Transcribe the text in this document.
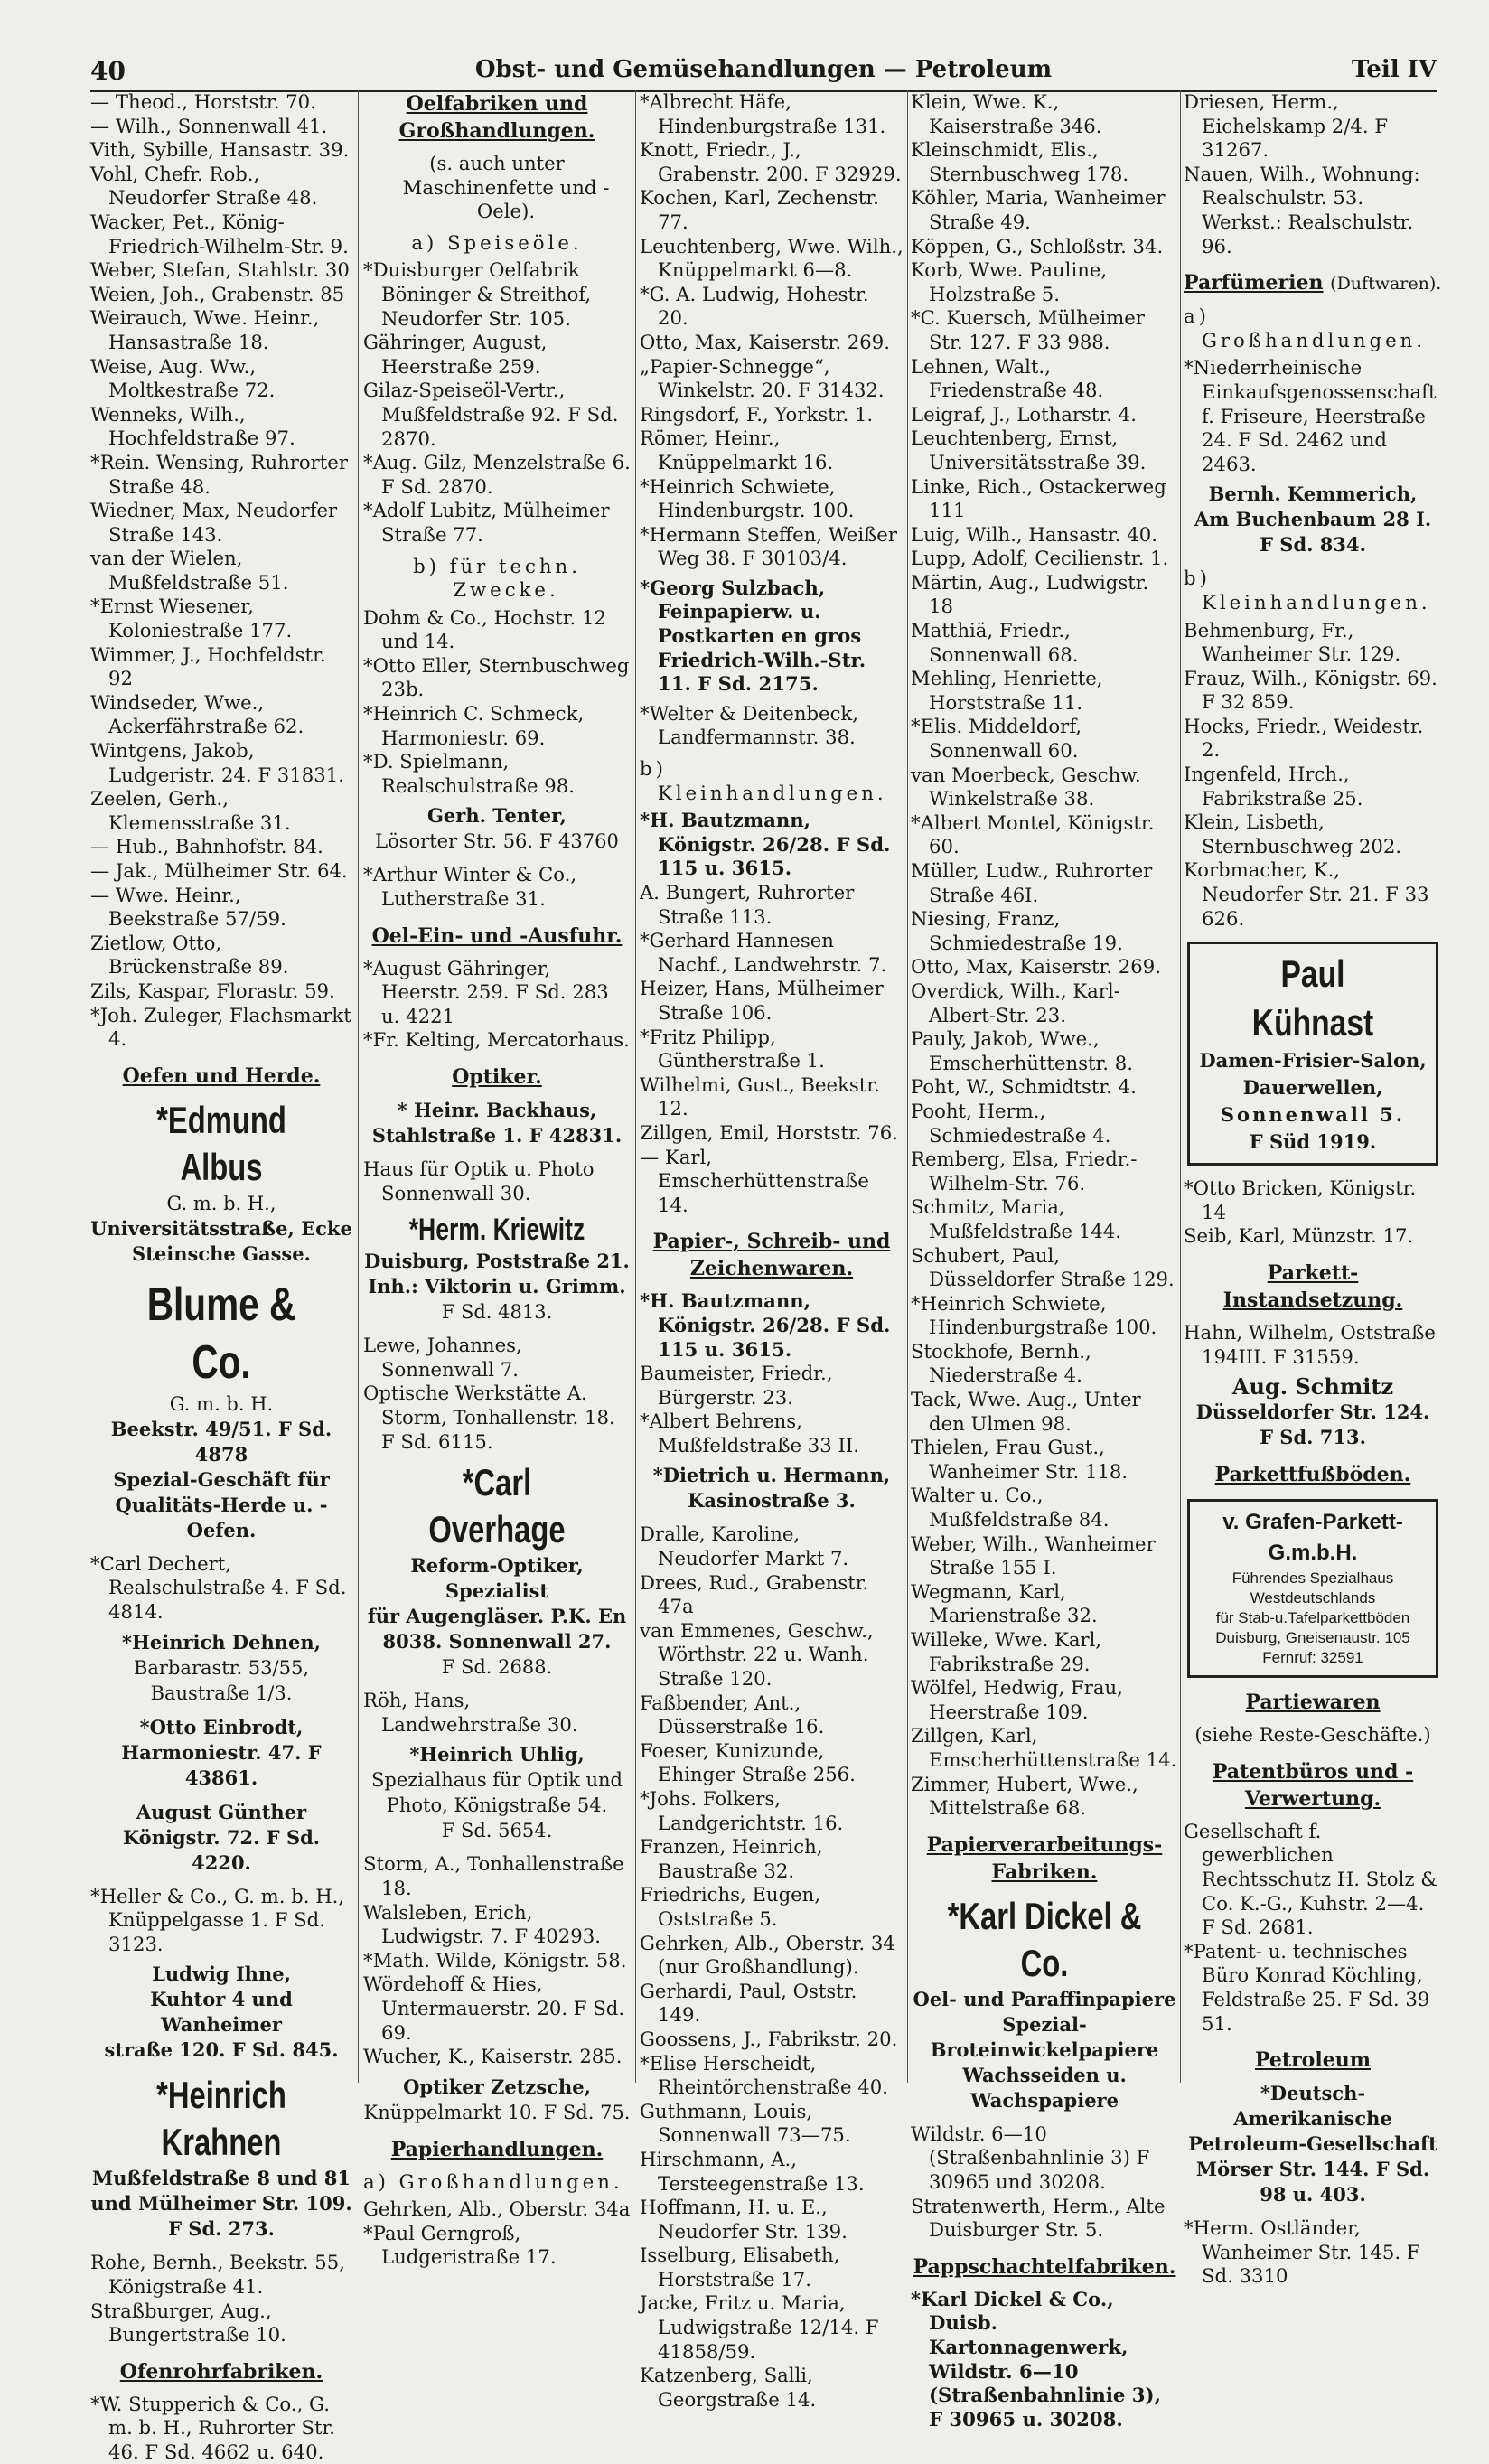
40	Obst- und Gemüsehandlungen — Petroleum	Teil IV

— Theod., Horststr. 70.

— Wilh., Sonnenwall 41.

Vith, Sybille, Hansastr. 39.

Vohl, Chefr. Rob., Neudorfer Straße 48.

Wacker, Pet., König-Friedrich-Wilhelm-Str. 9.

Weber, Stefan, Stahlstr. 30

Weien, Joh., Grabenstr. 85

Weirauch, Wwe. Heinr., Hansastraße 18.

Weise, Aug. Ww., Moltkestraße 72.

Wenneks, Wilh., Hochfeldstraße 97.

*Rein. Wensing, Ruhrorter Straße 48.

Wiedner, Max, Neudorfer Straße 143.

van der Wielen, Mußfeldstraße 51.

*Ernst Wiesener, Koloniestraße 177.

Wimmer, J., Hochfeldstr. 92

Windseder, Wwe., Ackerfährstraße 62.

Wintgens, Jakob, Ludgeristr. 24. F 31831.

Zeelen, Gerh., Klemensstraße 31.

— Hub., Bahnhofstr. 84.

— Jak., Mülheimer Str. 64.

— Wwe. Heinr., Beekstraße 57/59.

Zietlow, Otto, Brückenstraße 89.

Zils, Kaspar, Florastr. 59.

*Joh. Zuleger, Flachsmarkt 4.

Oefen und Herde.
*Edmund Albus
G. m. b. H.,
Universitätsstraße, Ecke
Steinsche Gasse.
Blume & Co.
G. m. b. H.
Beekstr. 49/51. F Sd. 4878
Spezial-Geschäft für
Qualitäts-Herde u. -Oefen.

*Carl Dechert, Realschulstraße 4. F Sd. 4814.

*Heinrich Dehnen,
Barbarastr. 53/55, Baustraße 1/3.
*Otto Einbrodt,
Harmoniestr. 47. F 43861.
August Günther
Königstr. 72. F Sd. 4220.

*Heller & Co., G. m. b. H., Knüppelgasse 1. F Sd. 3123.

Ludwig Ihne,
Kuhtor 4 und Wanheimer
straße 120. F Sd. 845.
*Heinrich Krahnen
Mußfeldstraße 8 und 81
und Mülheimer Str. 109.
F Sd. 273.

Rohe, Bernh., Beekstr. 55, Königstraße 41.

Straßburger, Aug., Bungertstraße 10.

Ofenrohrfabriken.

*W. Stupperich & Co., G. m. b. H., Ruhrorter Str. 46. F Sd. 4662 u. 640.

Oelfabriken und Großhandlungen.

(s. auch unter Maschinenfette und -Oele).

a) Speiseöle.

*Duisburger Oelfabrik Böninger & Streithof, Neudorfer Str. 105.

Gähringer, August, Heerstraße 259.

Gilaz-Speiseöl-Vertr., Mußfeldstraße 92. F Sd. 2870.

*Aug. Gilz, Menzelstraße 6. F Sd. 2870.

*Adolf Lubitz, Mülheimer Straße 77.

b) für techn. Zwecke.

Dohm & Co., Hochstr. 12 und 14.

*Otto Eller, Sternbuschweg 23b.

*Heinrich C. Schmeck, Harmoniestr. 69.

*D. Spielmann, Realschulstraße 98.

Gerh. Tenter,
Lösorter Str. 56. F 43760

*Arthur Winter & Co., Lutherstraße 31.

Oel-Ein- und -Ausfuhr.

*August Gähringer, Heerstr. 259. F Sd. 283 u. 4221

*Fr. Kelting, Mercatorhaus.

Optiker.
* Heinr. Backhaus,
Stahlstraße 1. F 42831.

Haus für Optik u. Photo Sonnenwall 30.

*Herm. Kriewitz
Duisburg, Poststraße 21.
Inh.: Viktorin u. Grimm.
F Sd. 4813.

Lewe, Johannes, Sonnenwall 7.

Optische Werkstätte A. Storm, Tonhallenstr. 18. F Sd. 6115.

*Carl Overhage
Reform-Optiker, Spezialist
für Augengläser. P.K. En
8038. Sonnenwall 27.
F Sd. 2688.

Röh, Hans, Landwehrstraße 30.

*Heinrich Uhlig,
Spezialhaus für Optik und
Photo, Königstraße 54.
F Sd. 5654.

Storm, A., Tonhallenstraße 18.

Walsleben, Erich, Ludwigstr. 7. F 40293.

*Math. Wilde, Königstr. 58.

Wördehoff & Hies, Untermauerstr. 20. F Sd. 69.

Wucher, K., Kaiserstr. 285.

Optiker Zetzsche,
Knüppelmarkt 10. F Sd. 75.
Papierhandlungen.

a) Großhandlungen.

Gehrken, Alb., Oberstr. 34a

*Paul Gerngroß, Ludgeristraße 17.

*Albrecht Häfe, Hindenburgstraße 131.

Knott, Friedr., J., Grabenstr. 200. F 32929.

Kochen, Karl, Zechenstr. 77.

Leuchtenberg, Wwe. Wilh., Knüppelmarkt 6—8.

*G. A. Ludwig, Hohestr. 20.

Otto, Max, Kaiserstr. 269.

„Papier-Schnegge“, Winkelstr. 20. F 31432.

Ringsdorf, F., Yorkstr. 1.

Römer, Heinr., Knüppelmarkt 16.

*Heinrich Schwiete, Hindenburgstr. 100.

*Hermann Steffen, Weißer Weg 38. F 30103/4.

*Georg Sulzbach, Feinpapierw. u. Postkarten en gros Friedrich-Wilh.-Str. 11. F Sd. 2175.

*Welter & Deitenbeck, Landfermannstr. 38.

b) Kleinhandlungen.

*H. Bautzmann, Königstr. 26/28. F Sd. 115 u. 3615.

A. Bungert, Ruhrorter Straße 113.

*Gerhard Hannesen Nachf., Landwehrstr. 7.

Heizer, Hans, Mülheimer Straße 106.

*Fritz Philipp, Güntherstraße 1.

Wilhelmi, Gust., Beekstr. 12.

Zillgen, Emil, Horststr. 76.

— Karl, Emscherhüttenstraße 14.

Papier-, Schreib- und Zeichenwaren.

*H. Bautzmann, Königstr. 26/28. F Sd. 115 u. 3615.

Baumeister, Friedr., Bürgerstr. 23.

*Albert Behrens, Mußfeldstraße 33 II.

*Dietrich u. Hermann,
Kasinostraße 3.

Dralle, Karoline, Neudorfer Markt 7.

Drees, Rud., Grabenstr. 47a

van Emmenes, Geschw., Wörthstr. 22 u. Wanh. Straße 120.

Faßbender, Ant., Düsserstraße 16.

Foeser, Kunizunde, Ehinger Straße 256.

*Johs. Folkers, Landgerichtstr. 16.

Franzen, Heinrich, Baustraße 32.

Friedrichs, Eugen, Oststraße 5.

Gehrken, Alb., Oberstr. 34 (nur Großhandlung).

Gerhardi, Paul, Oststr. 149.

Goossens, J., Fabrikstr. 20.

*Elise Herscheidt, Rheintörchenstraße 40.

Guthmann, Louis, Sonnenwall 73—75.

Hirschmann, A., Tersteegenstraße 13.

Hoffmann, H. u. E., Neudorfer Str. 139.

Isselburg, Elisabeth, Horststraße 17.

Jacke, Fritz u. Maria, Ludwigstraße 12/14. F 41858/59.

Katzenberg, Salli, Georgstraße 14.

Klein, Wwe. K., Kaiserstraße 346.

Kleinschmidt, Elis., Sternbuschweg 178.

Köhler, Maria, Wanheimer Straße 49.

Köppen, G., Schloßstr. 34.

Korb, Wwe. Pauline, Holzstraße 5.

*C. Kuersch, Mülheimer Str. 127. F 33 988.

Lehnen, Walt., Friedenstraße 48.

Leigraf, J., Lotharstr. 4.

Leuchtenberg, Ernst, Universitätsstraße 39.

Linke, Rich., Ostackerweg 111

Luig, Wilh., Hansastr. 40.

Lupp, Adolf, Cecilienstr. 1.

Märtin, Aug., Ludwigstr. 18

Matthiä, Friedr., Sonnenwall 68.

Mehling, Henriette, Horststraße 11.

*Elis. Middeldorf, Sonnenwall 60.

van Moerbeck, Geschw. Winkelstraße 38.

*Albert Montel, Königstr. 60.

Müller, Ludw., Ruhrorter Straße 46I.

Niesing, Franz, Schmiedestraße 19.

Otto, Max, Kaiserstr. 269.

Overdick, Wilh., Karl-Albert-Str. 23.

Pauly, Jakob, Wwe., Emscherhüttenstr. 8.

Poht, W., Schmidtstr. 4.

Pooht, Herm., Schmiedestraße 4.

Remberg, Elsa, Friedr.-Wilhelm-Str. 76.

Schmitz, Maria, Mußfeldstraße 144.

Schubert, Paul, Düsseldorfer Straße 129.

*Heinrich Schwiete, Hindenburgstraße 100.

Stockhofe, Bernh., Niederstraße 4.

Tack, Wwe. Aug., Unter den Ulmen 98.

Thielen, Frau Gust., Wanheimer Str. 118.

Walter u. Co., Mußfeldstraße 84.

Weber, Wilh., Wanheimer Straße 155 I.

Wegmann, Karl, Marienstraße 32.

Willeke, Wwe. Karl, Fabrikstraße 29.

Wölfel, Hedwig, Frau, Heerstraße 109.

Zillgen, Karl, Emscherhüttenstraße 14.

Zimmer, Hubert, Wwe., Mittelstraße 68.

Papierverarbeitungs-Fabriken.
*Karl Dickel & Co.
Oel- und Paraffinpapiere
Spezial-Broteinwickelpapiere
Wachsseiden u. Wachspapiere

Wildstr. 6—10 (Straßenbahnlinie 3) F 30965 und 30208.

Stratenwerth, Herm., Alte Duisburger Str. 5.

Pappschachtelfabriken.

*Karl Dickel & Co., Duisb. Kartonnagenwerk, Wildstr. 6—10 (Straßenbahnlinie 3), F 30965 u. 30208.

Driesen, Herm., Eichelskamp 2/4. F 31267.

Nauen, Wilh., Wohnung: Realschulstr. 53. Werkst.: Realschulstr. 96.

Parfümerien (Duftwaren).

a) Großhandlungen.

*Niederrheinische Einkaufsgenossenschaft f. Friseure, Heerstraße 24. F Sd. 2462 und 2463.

Bernh. Kemmerich,
Am Buchenbaum 28 I.
F Sd. 834.

b) Kleinhandlungen.

Behmenburg, Fr., Wanheimer Str. 129.

Frauz, Wilh., Königstr. 69. F 32 859.

Hocks, Friedr., Weidestr. 2.

Ingenfeld, Hrch., Fabrikstraße 25.

Klein, Lisbeth, Sternbuschweg 202.

Korbmacher, K., Neudorfer Str. 21. F 33 626.

Paul Kühnast
Damen-Frisier-Salon,
Dauerwellen,
Sonnenwall 5.
F Süd 1919.

*Otto Bricken, Königstr. 14

Seib, Karl, Münzstr. 17.

Parkett-Instandsetzung.

Hahn, Wilhelm, Oststraße 194III. F 31559.

Aug. Schmitz
Düsseldorfer Str. 124.
F Sd. 713.
Parkettfußböden.
v. Grafen-Parkett-G.m.b.H.
Führendes Spezialhaus
Westdeutschlands
für Stab-u.Tafelparkettböden
Duisburg, Gneisenaustr. 105
Fernruf: 32591
Partiewaren

(siehe Reste-Geschäfte.)

Patentbüros und -Verwertung.

Gesellschaft f. gewerblichen Rechtsschutz H. Stolz & Co. K.-G., Kuhstr. 2—4. F Sd. 2681.

*Patent- u. technisches Büro Konrad Köchling, Feldstraße 25. F Sd. 39 51.

Petroleum
*Deutsch-Amerikanische
Petroleum-Gesellschaft
Mörser Str. 144. F Sd.
98 u. 403.

*Herm. Ostländer, Wanheimer Str. 145. F Sd. 3310
